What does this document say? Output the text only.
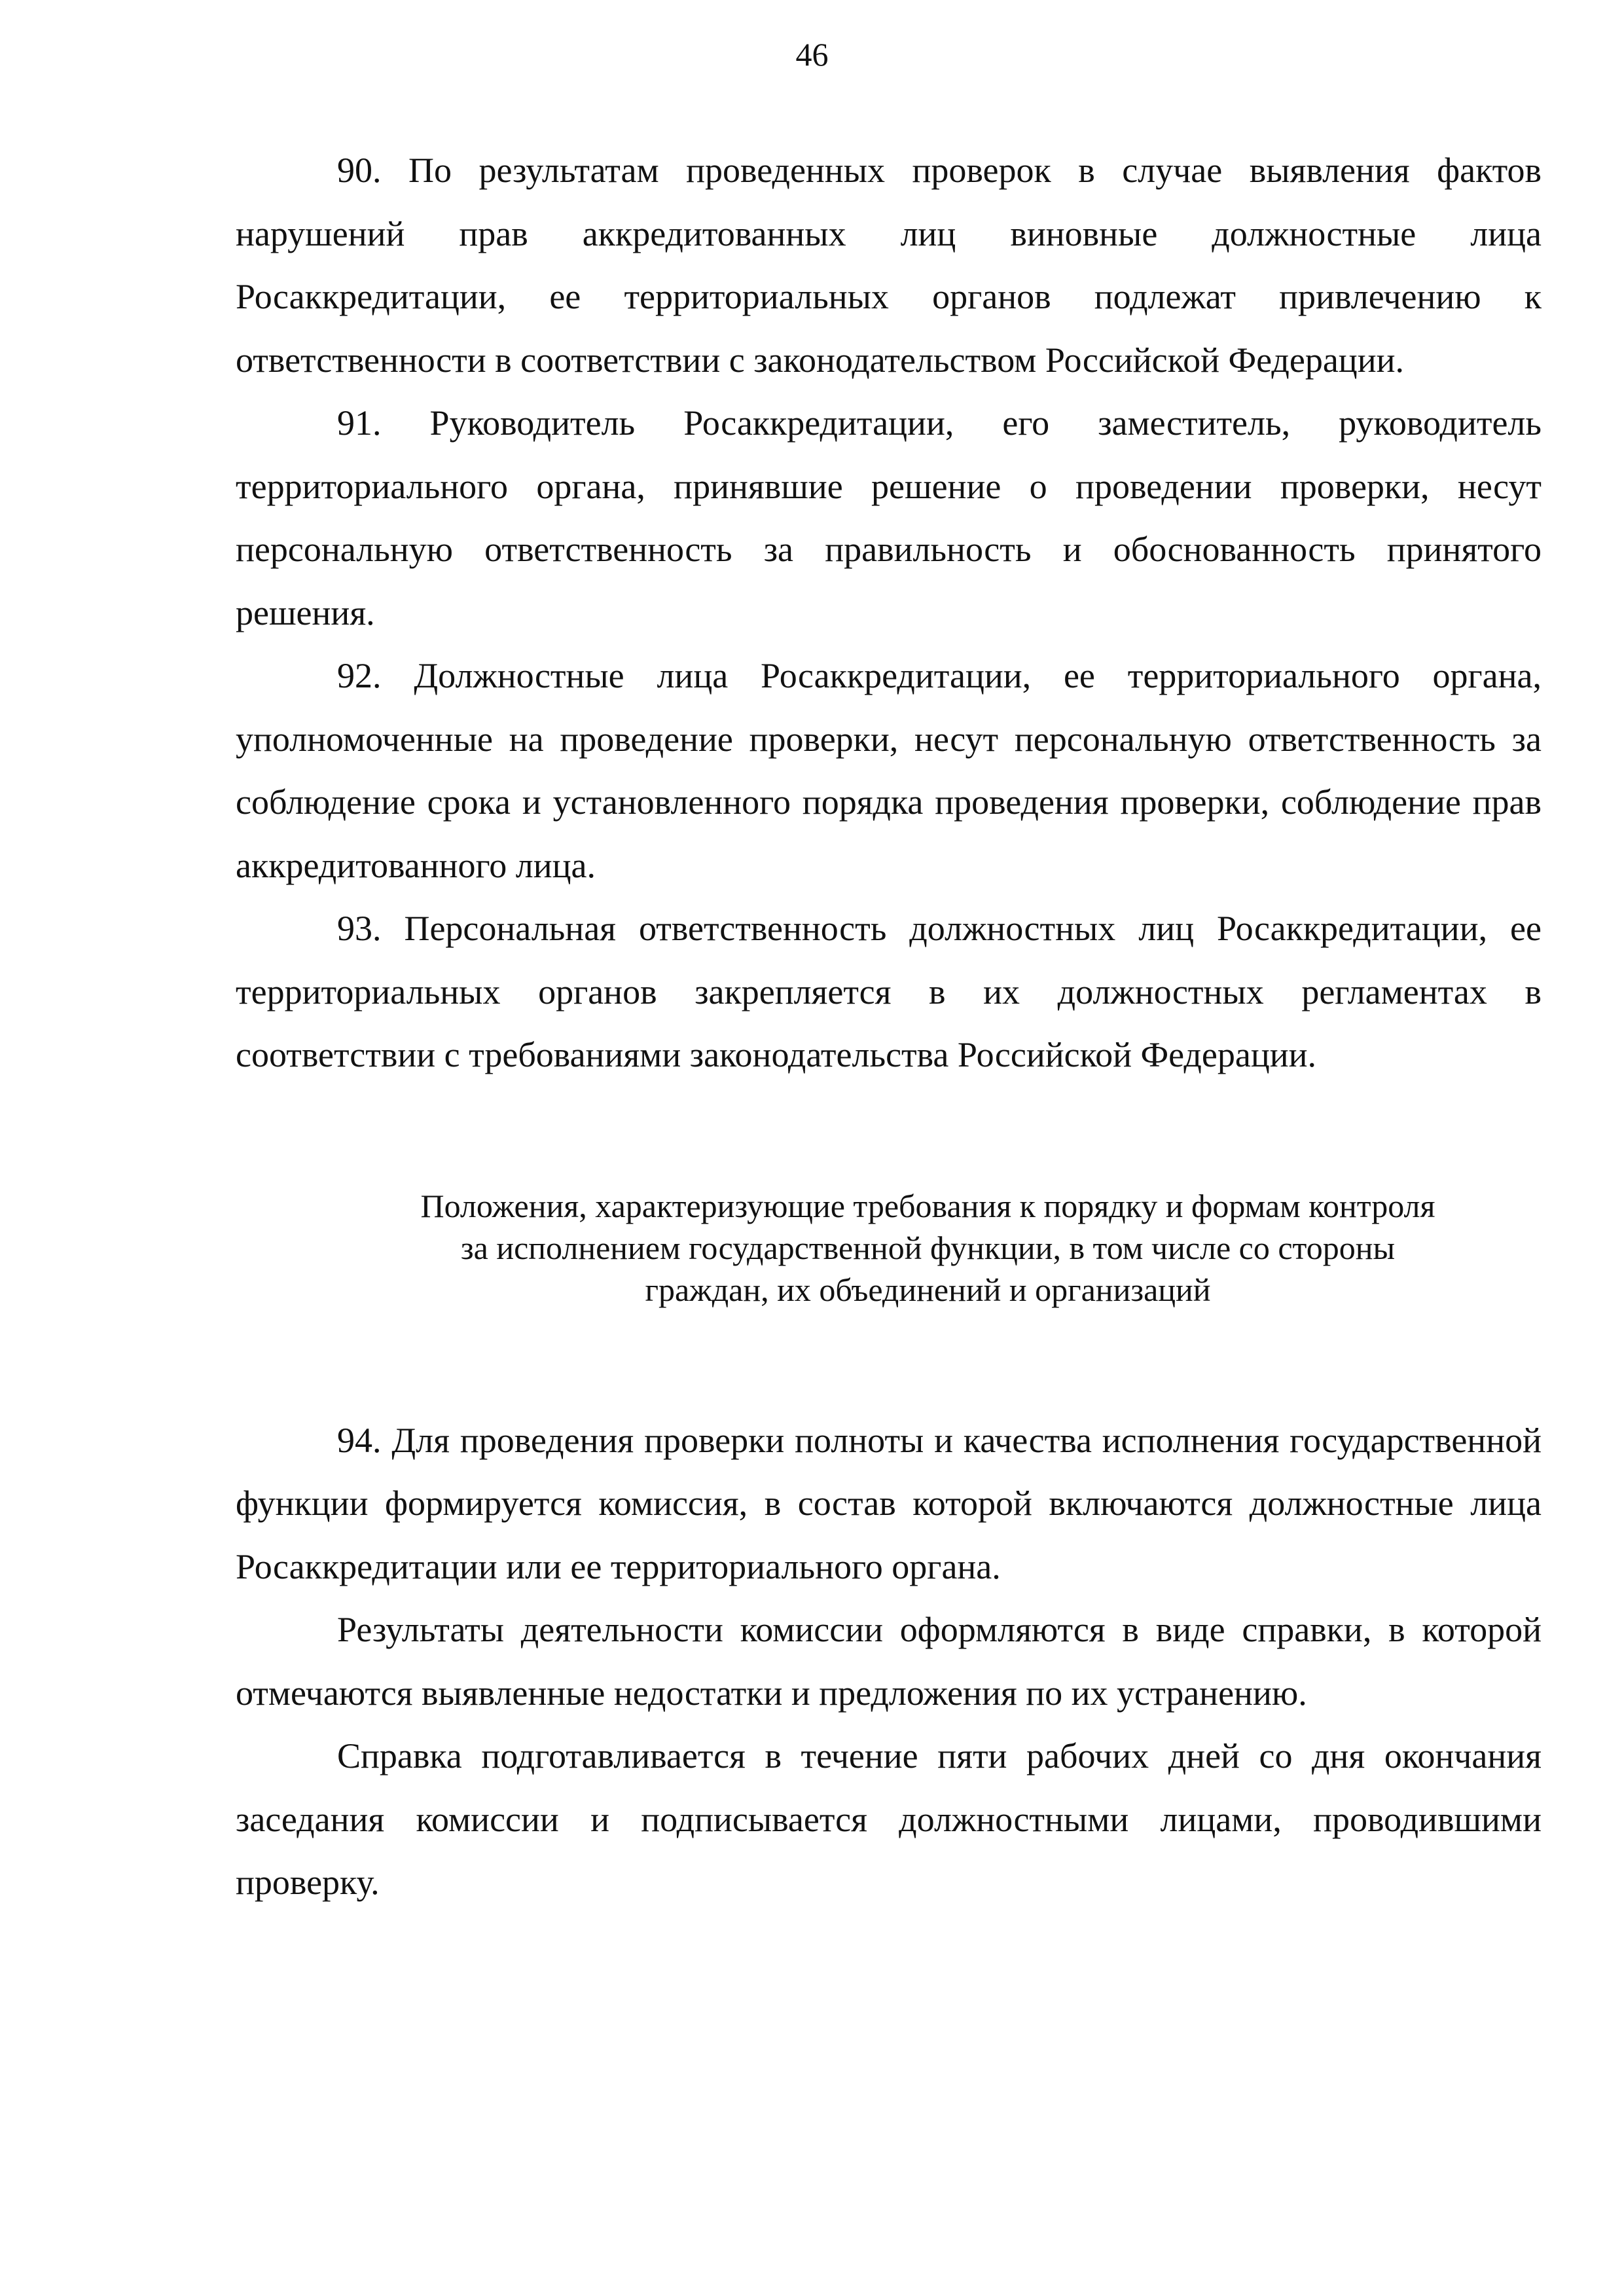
46

90. По результатам проведенных проверок в случае выявления фактов нарушений прав аккредитованных лиц виновные должностные лица Росаккредитации, ее территориальных органов подлежат привлечению к ответственности в соответствии с законодательством Российской Федерации.

91. Руководитель Росаккредитации, его заместитель, руководитель территориального органа, принявшие решение о проведении проверки, несут персональную ответственность за правильность и обоснованность принятого решения.

92. Должностные лица Росаккредитации, ее территориального органа, уполномоченные на проведение проверки, несут персональную ответственность за соблюдение срока и установленного порядка проведения проверки, соблюдение прав аккредитованного лица.

93. Персональная ответственность должностных лиц Росаккредитации, ее территориальных органов закрепляется в их должностных регламентах в соответствии с требованиями законодательства Российской Федерации.

Положения, характеризующие требования к порядку и формам контроля
за исполнением государственной функции, в том числе со стороны
граждан, их объединений и организаций

94. Для проведения проверки полноты и качества исполнения государственной функции формируется комиссия, в состав которой включаются должностные лица Росаккредитации или ее территориального органа.

Результаты деятельности комиссии оформляются в виде справки, в которой отмечаются выявленные недостатки и предложения по их устранению.

Справка подготавливается в течение пяти рабочих дней со дня окончания заседания комиссии и подписывается должностными лицами, проводившими проверку.
